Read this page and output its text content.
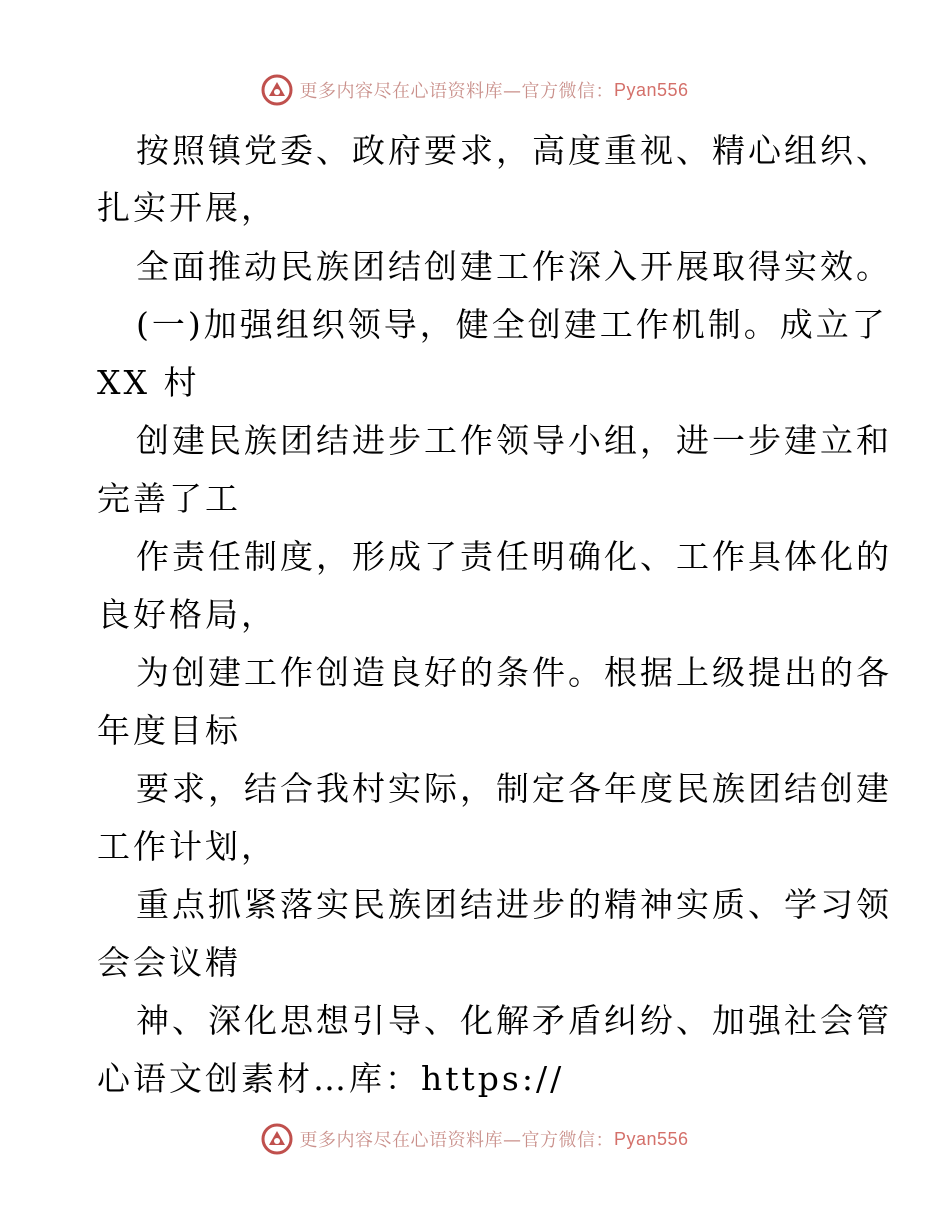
更多内容尽在心语资料库—官方微信： Pyan556
按照镇党委、政府要求，高度重视、精心组织、
扎实开展，
全面推动民族团结创建工作深入开展取得实效。
(一)加强组织领导，健全创建工作机制。成立了
XX 村
创建民族团结进步工作领导小组，进一步建立和
完善了工
作责任制度，形成了责任明确化、工作具体化的
良好格局，
为创建工作创造良好的条件。根据上级提出的各
年度目标
要求，结合我村实际，制定各年度民族团结创建
工作计划，
重点抓紧落实民族团结进步的精神实质、学习领
会会议精
神、深化思想引导、化解矛盾纠纷、加强社会管
心语文创素材…库：https://
更多内容尽在心语资料库—官方微信： Pyan556
